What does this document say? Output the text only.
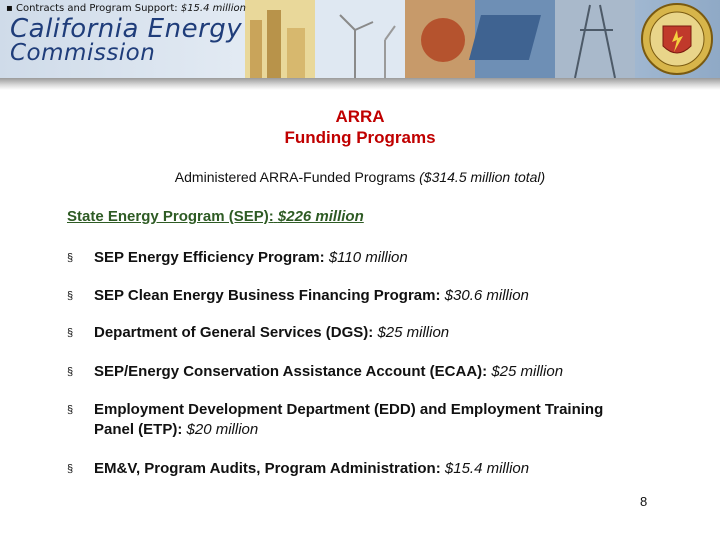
▪ Contracts and Program Support: $15.4 million
California Energy
Commission
ARRA
Funding Programs
Administered ARRA-Funded Programs ($314.5 million total)
State Energy Program (SEP): $226 million
§ SEP Energy Efficiency Program: $110 million
§ SEP Clean Energy Business Financing Program: $30.6 million
§ Department of General Services (DGS): $25 million
§ SEP/Energy Conservation Assistance Account (ECAA): $25 million
§ Employment Development Department (EDD) and Employment Training Panel (ETP): $20 million
§ EM&V, Program Audits, Program Administration: $15.4 million
8
